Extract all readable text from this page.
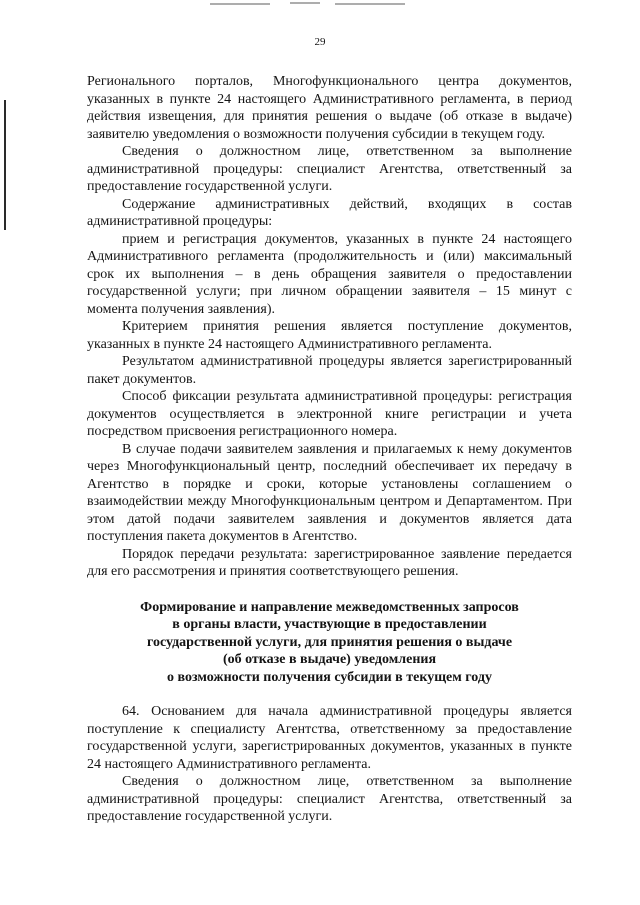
29

Регионального порталов, Многофункционального центра документов, указанных в пункте 24 настоящего Административного регламента, в период действия извещения, для принятия решения о выдаче (об отказе в выдаче) заявителю уведомления о возможности получения субсидии в текущем году.

Сведения о должностном лице, ответственном за выполнение административной процедуры: специалист Агентства, ответственный за предоставление государственной услуги.

Содержание административных действий, входящих в состав административной процедуры:

прием и регистрация документов, указанных в пункте 24 настоящего Административного регламента (продолжительность и (или) максимальный срок их выполнения – в день обращения заявителя о предоставлении государственной услуги; при личном обращении заявителя – 15 минут с момента получения заявления).

Критерием принятия решения является поступление документов, указанных в пункте 24 настоящего Административного регламента.

Результатом административной процедуры является зарегистрированный пакет документов.

Способ фиксации результата административной процедуры: регистрация документов осуществляется в электронной книге регистрации и учета посредством присвоения регистрационного номера.

В случае подачи заявителем заявления и прилагаемых к нему документов через Многофункциональный центр, последний обеспечивает их передачу в Агентство в порядке и сроки, которые установлены соглашением о взаимодействии между Многофункциональным центром и Департаментом. При этом датой подачи заявителем заявления и документов является дата поступления пакета документов в Агентство.

Порядок передачи результата: зарегистрированное заявление передается для его рассмотрения и принятия соответствующего решения.

Формирование и направление межведомственных запросов
в органы власти, участвующие в предоставлении
государственной услуги, для принятия решения о выдаче
(об отказе в выдаче) уведомления
о возможности получения субсидии в текущем году

64. Основанием для начала административной процедуры является поступление к специалисту Агентства, ответственному за предоставление государственной услуги, зарегистрированных документов, указанных в пункте 24 настоящего Административного регламента.

Сведения о должностном лице, ответственном за выполнение административной процедуры: специалист Агентства, ответственный за предоставление государственной услуги.
